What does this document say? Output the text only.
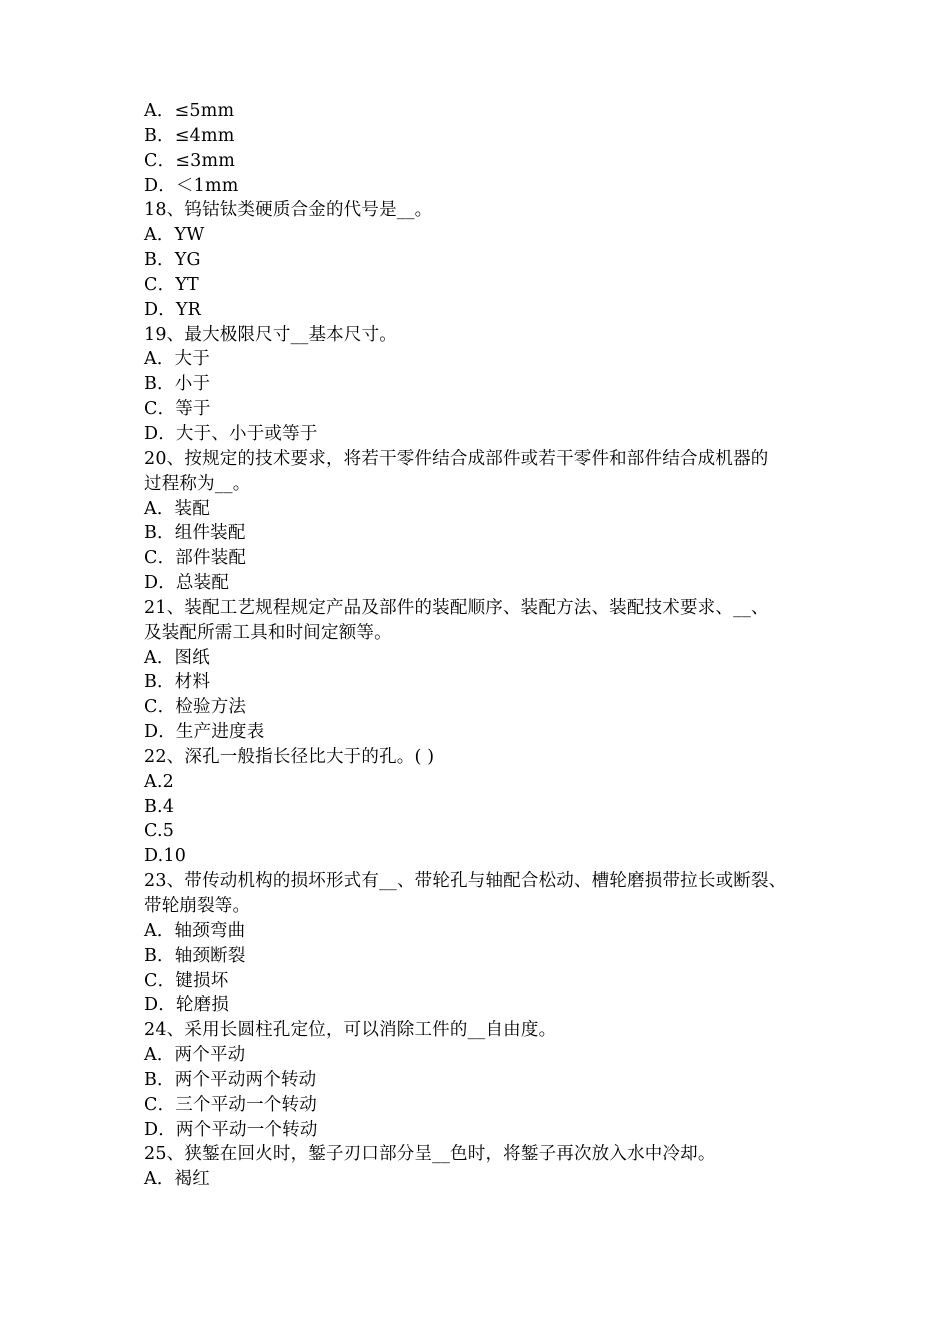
A．≤5mm
B．≤4mm
C．≤3mm
D．＜1mm
18、钨钴钛类硬质合金的代号是__。
A．YW
B．YG
C．YT
D．YR
19、最大极限尺寸__基本尺寸。
A．大于
B．小于
C．等于
D．大于、小于或等于
20、按规定的技术要求，将若干零件结合成部件或若干零件和部件结合成机器的
过程称为__。
A．装配
B．组件装配
C．部件装配
D．总装配
21、装配工艺规程规定产品及部件的装配顺序、装配方法、装配技术要求、__、
及装配所需工具和时间定额等。
A．图纸
B．材料
C．检验方法
D．生产进度表
22、深孔一般指长径比大于的孔。( )
A.2
B.4
C.5
D.10
23、带传动机构的损坏形式有__、带轮孔与轴配合松动、槽轮磨损带拉长或断裂、
带轮崩裂等。
A．轴颈弯曲
B．轴颈断裂
C．键损坏
D．轮磨损
24、采用长圆柱孔定位，可以消除工件的__自由度。
A．两个平动
B．两个平动两个转动
C．三个平动一个转动
D．两个平动一个转动
25、狭錾在回火时，錾子刃口部分呈__色时，将錾子再次放入水中冷却。
A．褐红
